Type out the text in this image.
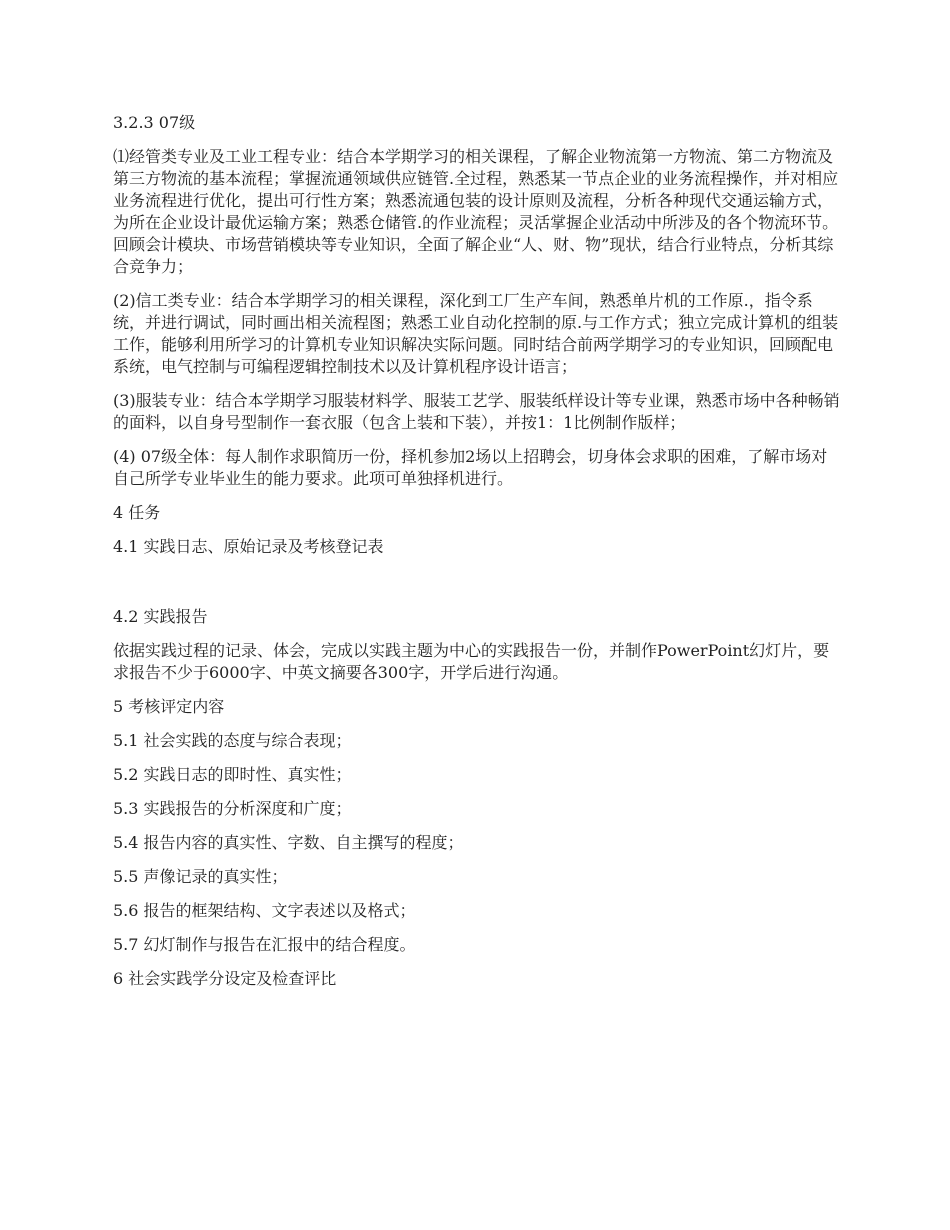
3.2.3 07级
⑴经管类专业及工业工程专业：结合本学期学习的相关课程，了解企业物流第一方物流、第二方物流及第三方物流的基本流程；掌握流通领域供应链管.全过程，熟悉某一节点企业的业务流程操作，并对相应业务流程进行优化，提出可行性方案；熟悉流通包装的设计原则及流程，分析各种现代交通运输方式，为所在企业设计最优运输方案；熟悉仓储管.的作业流程；灵活掌握企业活动中所涉及的各个物流环节。回顾会计模块、市场营销模块等专业知识，全面了解企业“人、财、物”现状，结合行业特点，分析其综合竞争力；
(2)信工类专业：结合本学期学习的相关课程，深化到工厂生产车间，熟悉单片机的工作原.，指令系统，并进行调试，同时画出相关流程图；熟悉工业自动化控制的原.与工作方式；独立完成计算机的组装工作，能够利用所学习的计算机专业知识解决实际问题。同时结合前两学期学习的专业知识，回顾配电系统，电气控制与可编程逻辑控制技术以及计算机程序设计语言；
(3)服装专业：结合本学期学习服装材料学、服装工艺学、服装纸样设计等专业课，熟悉市场中各种畅销的面料，以自身号型制作一套衣服（包含上装和下装），并按1：1比例制作版样；
(4) 07级全体：每人制作求职简历一份，择机参加2场以上招聘会，切身体会求职的困难，了解市场对自己所学专业毕业生的能力要求。此项可单独择机进行。
4 任务
4.1 实践日志、原始记录及考核登记表
4.2 实践报告
依据实践过程的记录、体会，完成以实践主题为中心的实践报告一份，并制作PowerPoint幻灯片，要求报告不少于6000字、中英文摘要各300字，开学后进行沟通。
5 考核评定内容
5.1 社会实践的态度与综合表现；
5.2 实践日志的即时性、真实性；
5.3 实践报告的分析深度和广度；
5.4 报告内容的真实性、字数、自主撰写的程度；
5.5 声像记录的真实性；
5.6 报告的框架结构、文字表述以及格式；
5.7 幻灯制作与报告在汇报中的结合程度。
6 社会实践学分设定及检查评比
